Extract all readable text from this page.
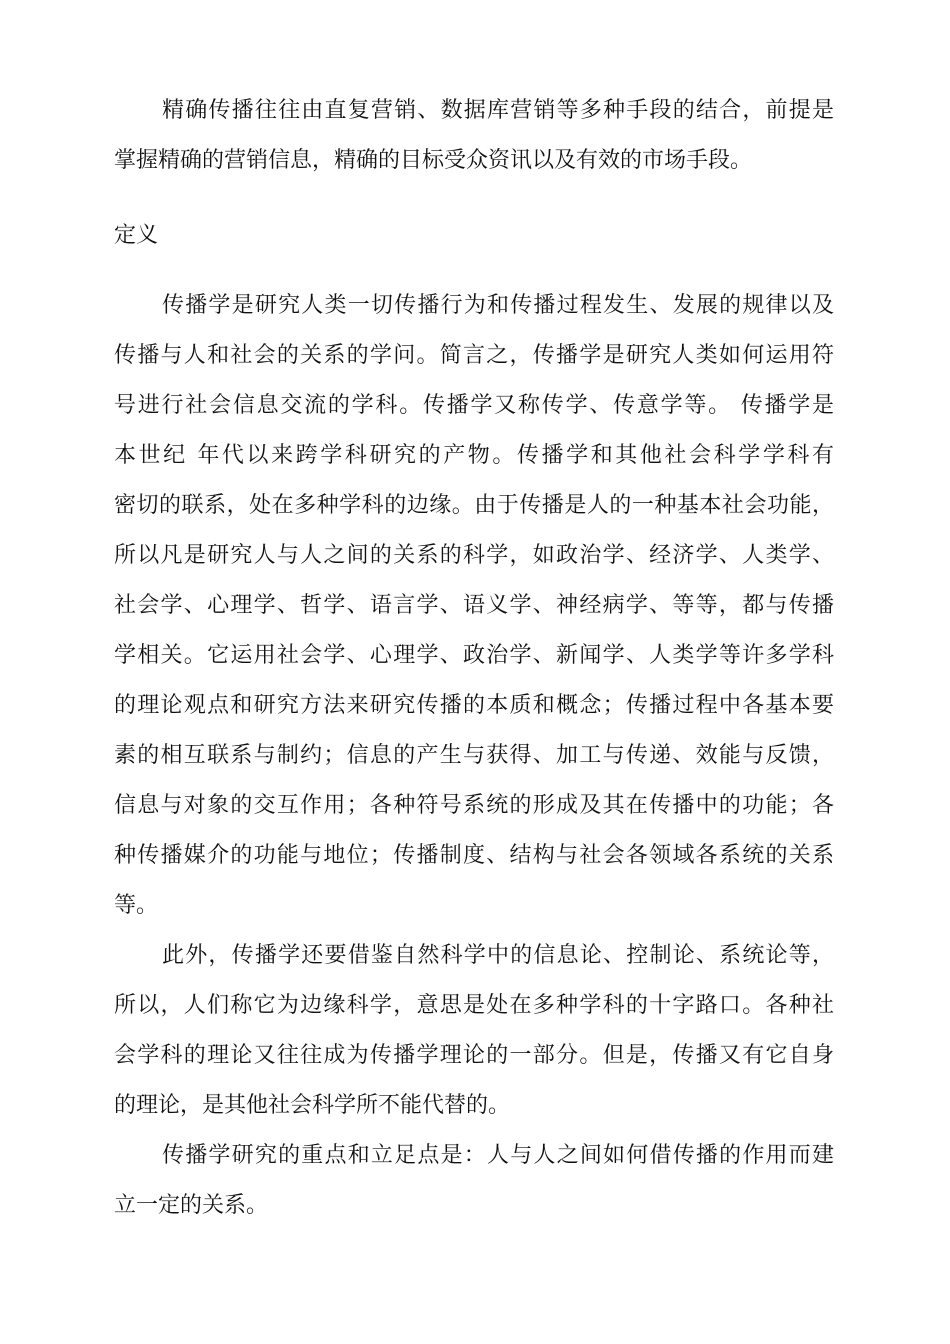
精确传播往往由直复营销、数据库营销等多种手段的结合，前提是

掌握精确的营销信息，精确的目标受众资讯以及有效的市场手段。

定义

传播学是研究人类一切传播行为和传播过程发生、发展的规律以及

传播与人和社会的关系的学问。简言之，传播学是研究人类如何运用符

号进行社会信息交流的学科。传播学又称传学、传意学等。 传播学是

本世纪 年代以来跨学科研究的产物。传播学和其他社会科学学科有

密切的联系，处在多种学科的边缘。由于传播是人的一种基本社会功能，

所以凡是研究人与人之间的关系的科学，如政治学、经济学、人类学、

社会学、心理学、哲学、语言学、语义学、神经病学、等等，都与传播

学相关。它运用社会学、心理学、政治学、新闻学、人类学等许多学科

的理论观点和研究方法来研究传播的本质和概念；传播过程中各基本要

素的相互联系与制约；信息的产生与获得、加工与传递、效能与反馈，

信息与对象的交互作用；各种符号系统的形成及其在传播中的功能；各

种传播媒介的功能与地位；传播制度、结构与社会各领域各系统的关系

等。

此外，传播学还要借鉴自然科学中的信息论、控制论、系统论等，

所以，人们称它为边缘科学，意思是处在多种学科的十字路口。各种社

会学科的理论又往往成为传播学理论的一部分。但是，传播又有它自身

的理论，是其他社会科学所不能代替的。

传播学研究的重点和立足点是：人与人之间如何借传播的作用而建

立一定的关系。
